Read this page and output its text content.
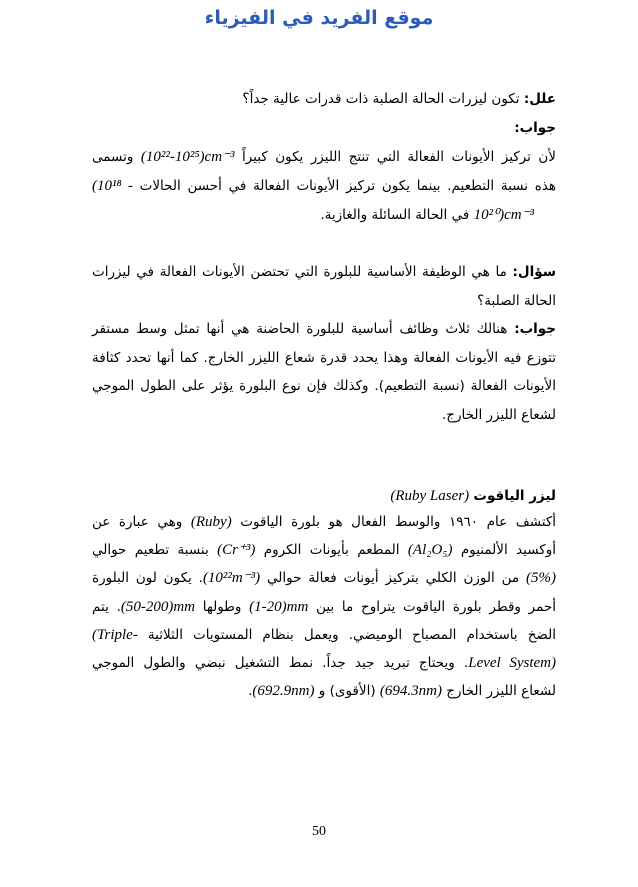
موقع الفريد في الفيزياء
علل: تكون ليزرات الحالة الصلبة ذات قدرات عالية جداً؟
جواب:
لأن تركيز الأيونات الفعالة التي تنتج الليزر يكون كبيراً (10²²-10²⁵)cm⁻³ وتسمى
هذه نسبة التطعيم. بينما يكون تركيز الأيونات الفعالة في أحسن الحالات (10¹⁸ -
10²⁰)cm⁻³ في الحالة السائلة والغازية.
سؤال: ما هي الوظيفة الأساسية للبلورة التي تحتضن الأيونات الفعالة في ليزرات
الحالة الصلبة؟
جواب: هنالك ثلاث وظائف أساسية للبلورة الحاضنة هي أنها تمثل وسط مستقر
تتوزع فيه الأيونات الفعالة وهذا يحدد قدرة شعاع الليزر الخارج. كما أنها تحدد كثافة
الأيونات الفعالة (نسبة التطعيم). وكذلك فإن نوع البلورة يؤثر على الطول الموجي
لشعاع الليزر الخارج.
ليزر الياقوت (Ruby Laser)
أكتشف عام ١٩٦٠ والوسط الفعال هو بلورة الياقوت (Ruby) وهي عبارة عن
أوكسيد الألمنيوم (Al₂O₅) المطعم بأيونات الكروم (Cr⁺³) بنسبة تطعيم حوالي
(5%) من الوزن الكلي بتركيز أيونات فعالة حوالي (10²²m⁻³). يكون لون البلورة
أحمر وقطر بلورة الياقوت يتراوح ما بين (1-20)mm وطولها (50-200)mm. يتم
الضخ باستخدام المصباح الوميضي. ويعمل بنظام المستويات الثلاثية (Triple-
Level System). ويحتاج تبريد جيد جداً. نمط التشغيل نبضي والطول الموجي
لشعاع الليزر الخارج (694.3nm) (الأقوى) و (692.9nm).
50
